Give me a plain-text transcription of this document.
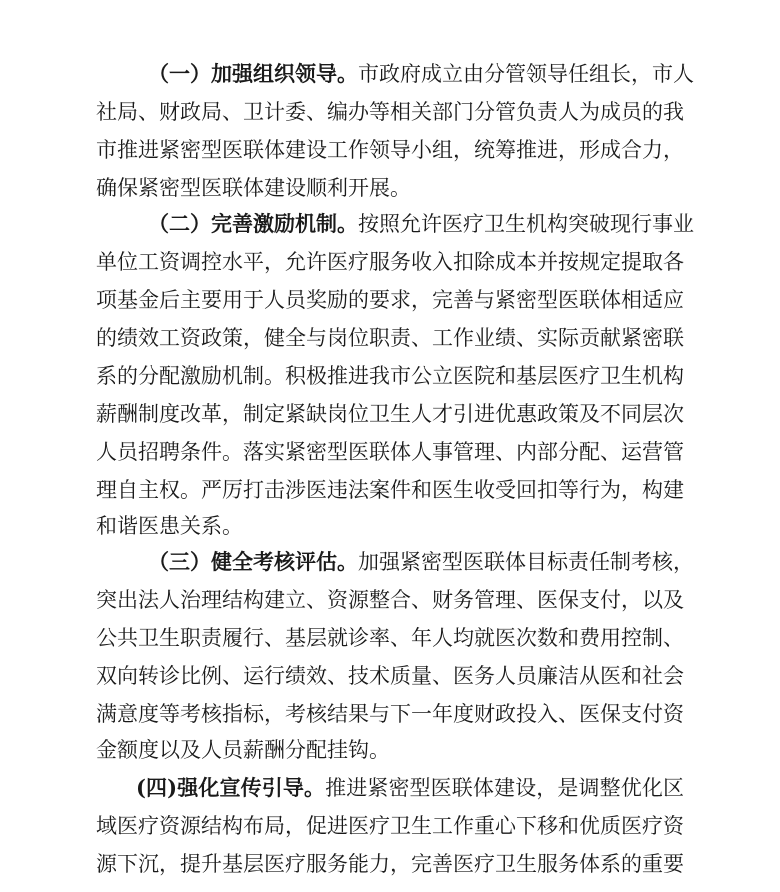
（一）加强组织领导。市政府成立由分管领导任组长，市人
社局、财政局、卫计委、编办等相关部门分管负责人为成员的我
市推进紧密型医联体建设工作领导小组，统筹推进，形成合力，
确保紧密型医联体建设顺利开展。
（二）完善激励机制。按照允许医疗卫生机构突破现行事业
单位工资调控水平，允许医疗服务收入扣除成本并按规定提取各
项基金后主要用于人员奖励的要求，完善与紧密型医联体相适应
的绩效工资政策，健全与岗位职责、工作业绩、实际贡献紧密联
系的分配激励机制。积极推进我市公立医院和基层医疗卫生机构
薪酬制度改革，制定紧缺岗位卫生人才引进优惠政策及不同层次
人员招聘条件。落实紧密型医联体人事管理、内部分配、运营管
理自主权。严厉打击涉医违法案件和医生收受回扣等行为，构建
和谐医患关系。
（三）健全考核评估。加强紧密型医联体目标责任制考核，
突出法人治理结构建立、资源整合、财务管理、医保支付，以及
公共卫生职责履行、基层就诊率、年人均就医次数和费用控制、
双向转诊比例、运行绩效、技术质量、医务人员廉洁从医和社会
满意度等考核指标，考核结果与下一年度财政投入、医保支付资
金额度以及人员薪酬分配挂钩。
(四)强化宣传引导。推进紧密型医联体建设，是调整优化区
域医疗资源结构布局，促进医疗卫生工作重心下移和优质医疗资
源下沉，提升基层医疗服务能力，完善医疗卫生服务体系的重要
